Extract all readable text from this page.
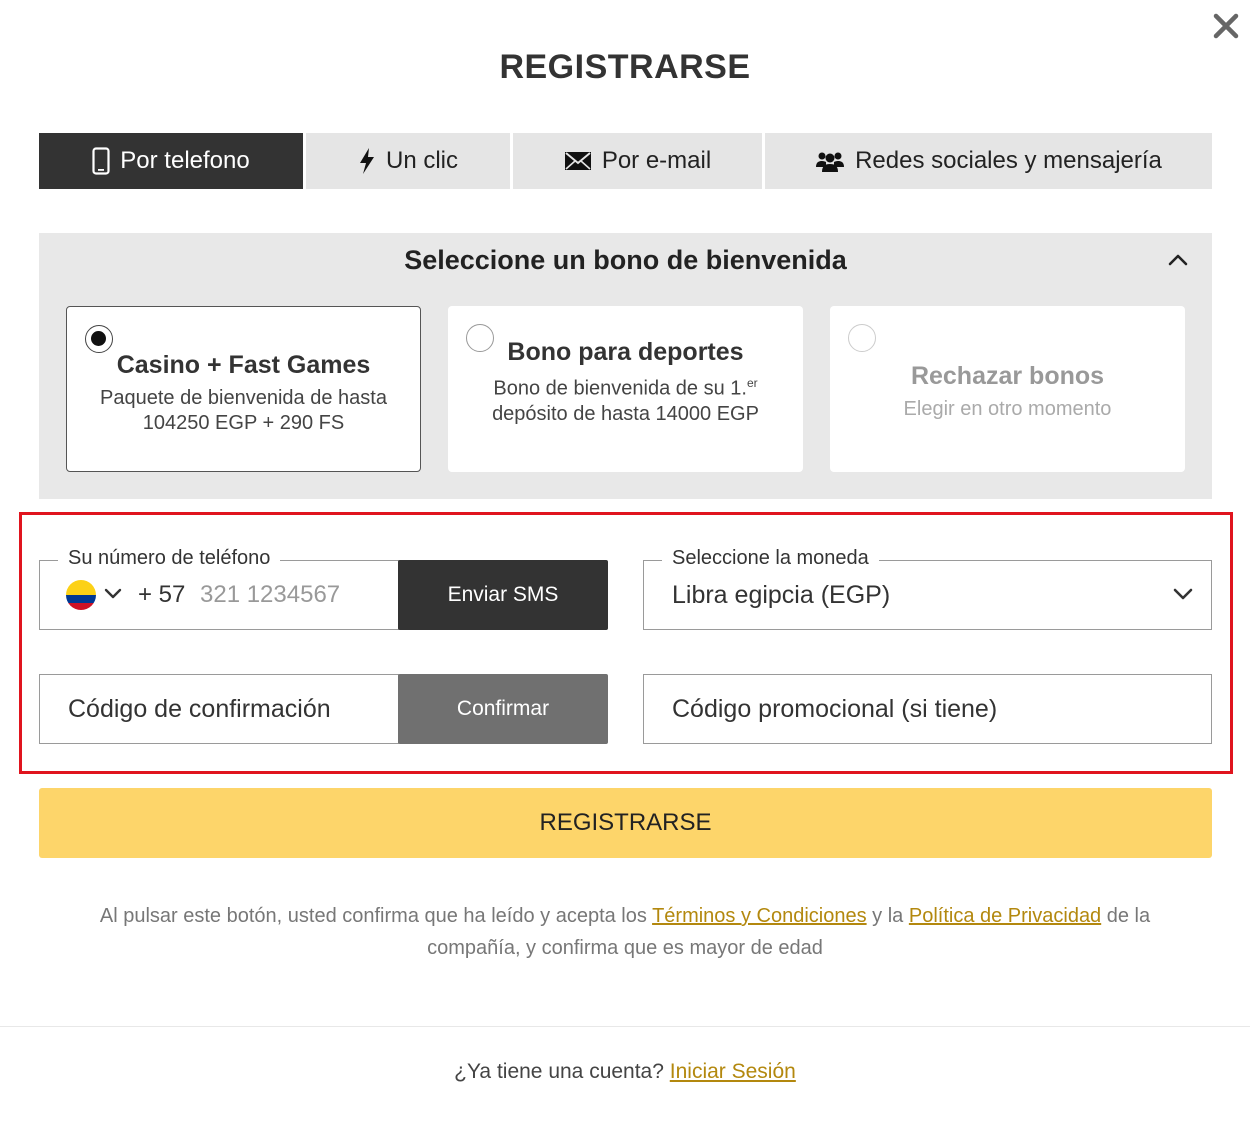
REGISTRARSE
Por telefono	Un clic	Por e-mail	Redes sociales y mensajería
Seleccione un bono de bienvenida
Casino + Fast Games
Paquete de bienvenida de hasta 104250 EGP + 290 FS
Bono para deportes
Bono de bienvenida de su 1.$^{er}$ depósito de hasta 14000 EGP
Rechazar bonos
Elegir en otro momento
Su número de teléfono
+ 57
321 1234567	Enviar SMS
Seleccione la moneda
Libra egipcia (EGP)
Código de confirmación
Confirmar
Código promocional (si tiene)
REGISTRARSE
Al pulsar este botón, usted confirma que ha leído y acepta los Términos y Condiciones y la Política de Privacidad de la compañía, y confirma que es mayor de edad
¿Ya tiene una cuenta? Iniciar Sesión
